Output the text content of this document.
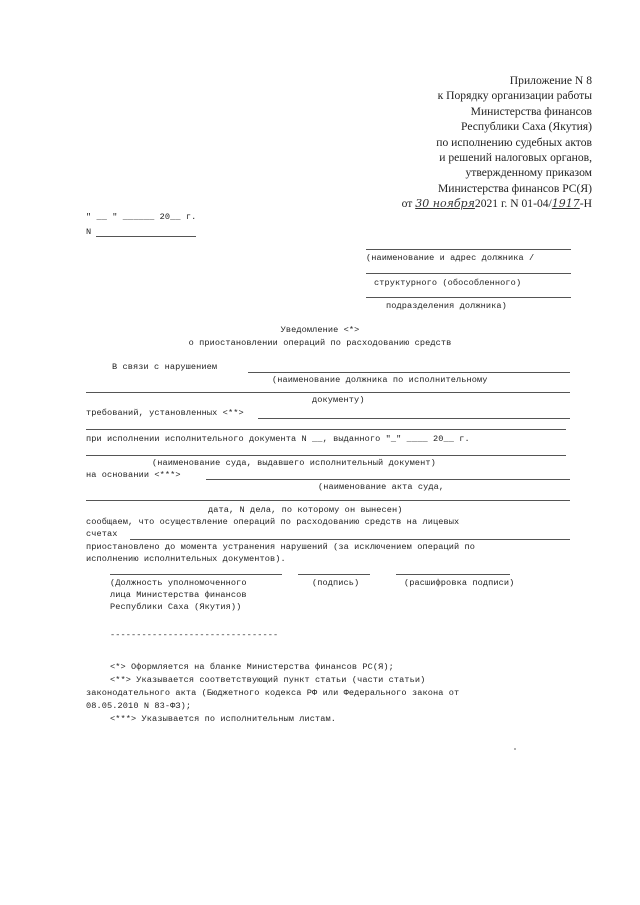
Приложение N 8
к Порядку организации работы
Министерства финансов
Республики Саха (Якутия)
по исполнению судебных актов
и решений налоговых органов,
утвержденному приказом
Министерства финансов РС(Я)
от 30 ноября2021 г. N 01-04/1917-Н
" __ " ______ 20__ г.
N
(наименование и адрес должника /
структурного (обособленного)
подразделения должника)
Уведомление <*>
о приостановлении операций по расходованию средств
В связи с нарушением
(наименование должника по исполнительному
документу)
требований, установленных <**>
при исполнении исполнительного документа N __, выданного "_" ____ 20__ г.
(наименование суда, выдавшего исполнительный документ)
на основании <***>
(наименование акта суда,
дата, N дела, по которому он вынесен)
сообщаем, что осуществление операций по расходованию средств на лицевых
счетах
приостановлено до момента устранения нарушений (за исключением операций по
исполнению исполнительных документов).
(Должность уполномоченного	(подпись)	(расшифровка подписи)
лица Министерства финансов
Республики Саха (Якутия))
--------------------------------
<*> Оформляется на бланке Министерства финансов РС(Я);
<**> Указывается соответствующий пункт статьи (части статьи)
законодательного акта (Бюджетного кодекса РФ или Федерального закона от
08.05.2010 N 83-ФЗ);
<***> Указывается по исполнительным листам.
